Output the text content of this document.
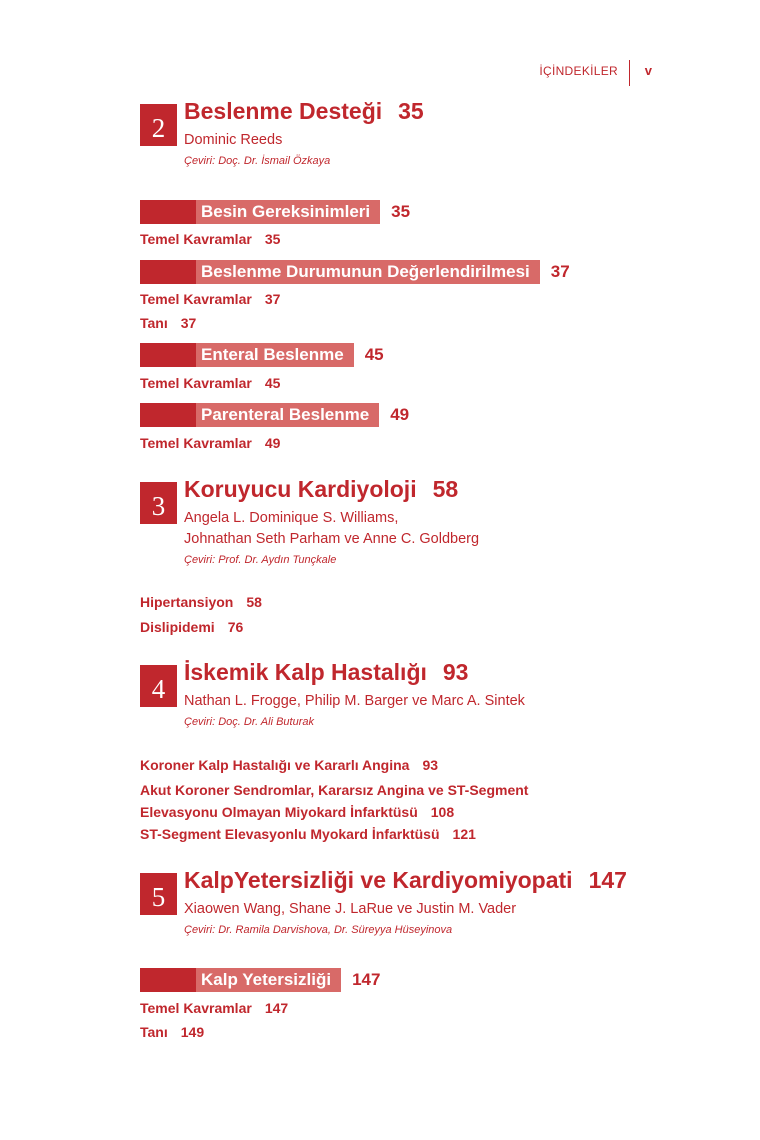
İÇİNDEKİLER v
2
Beslenme Desteği 35
Dominic Reeds
Çeviri: Doç. Dr. İsmail Özkaya
Besin Gereksinimleri 35
Temel Kavramlar 35
Beslenme Durumunun Değerlendirilmesi 37
Temel Kavramlar 37
Tanı 37
Enteral Beslenme 45
Temel Kavramlar 45
Parenteral Beslenme 49
Temel Kavramlar 49
3
Koruyucu Kardiyoloji 58
Angela L. Dominique S. Williams,
Johnathan Seth Parham ve Anne C. Goldberg
Çeviri: Prof. Dr. Aydın Tunçkale
Hipertansiyon 58
Dislipidemi 76
4
İskemik Kalp Hastalığı 93
Nathan L. Frogge, Philip M. Barger ve Marc A. Sintek
Çeviri: Doç. Dr. Ali Buturak
Koroner Kalp Hastalığı ve Kararlı Angina 93
Akut Koroner Sendromlar, Kararsız Angina ve ST-Segment
Elevasyonu Olmayan Miyokard İnfarktüsü 108
ST-Segment Elevasyonlu Myokard İnfarktüsü 121
5
KalpYetersizliği ve Kardiyomiyopati 147
Xiaowen Wang, Shane J. LaRue ve Justin M. Vader
Çeviri: Dr. Ramila Darvishova, Dr. Süreyya Hüseyinova
Kalp Yetersizliği 147
Temel Kavramlar 147
Tanı 149
